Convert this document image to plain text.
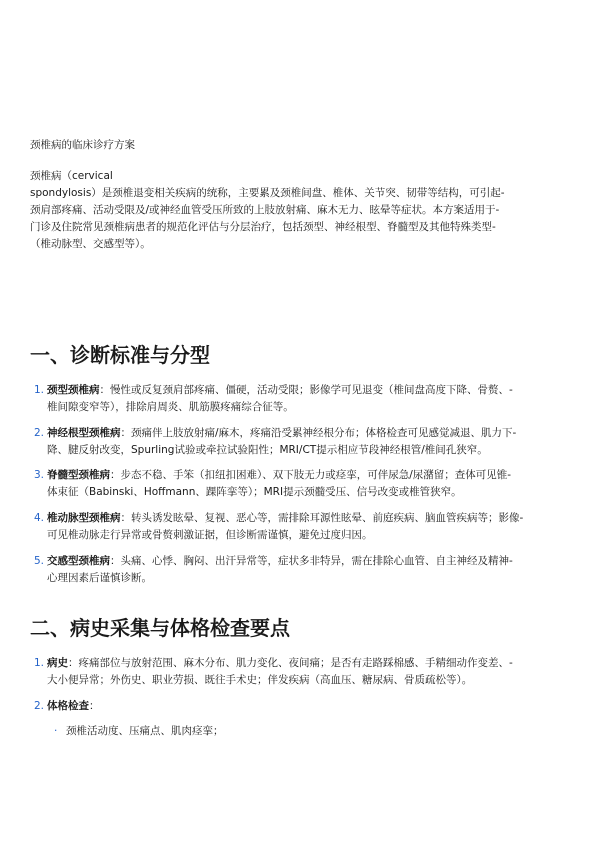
颈椎病的临床诊疗方案
颈椎病（cervical
spondylosis）是颈椎退变相关疾病的统称，主要累及颈椎间盘、椎体、关节突、韧带等结构，可引起-
颈肩部疼痛、活动受限及/或神经血管受压所致的上肢放射痛、麻木无力、眩晕等症状。本方案适用于-
门诊及住院常见颈椎病患者的规范化评估与分层治疗，包括颈型、神经根型、脊髓型及其他特殊类型-
（椎动脉型、交感型等）。
一、诊断标准与分型
1. 颈型颈椎病：慢性或反复颈肩部疼痛、僵硬，活动受限；影像学可见退变（椎间盘高度下降、骨赘、-
椎间隙变窄等），排除肩周炎、肌筋膜疼痛综合征等。
2. 神经根型颈椎病：颈痛伴上肢放射痛/麻木，疼痛沿受累神经根分布；体格检查可见感觉减退、肌力下-
降、腱反射改变，Spurling试验或牵拉试验阳性；MRI/CT提示相应节段神经根管/椎间孔狭窄。
3. 脊髓型颈椎病：步态不稳、手笨（扣纽扣困难）、双下肢无力或痉挛，可伴尿急/尿潴留；查体可见锥-
体束征（Babinski、Hoffmann、踝阵挛等）；MRI提示颈髓受压、信号改变或椎管狭窄。
4. 椎动脉型颈椎病：转头诱发眩晕、复视、恶心等，需排除耳源性眩晕、前庭疾病、脑血管疾病等；影像-
可见椎动脉走行异常或骨赘刺激证据，但诊断需谨慎，避免过度归因。
5. 交感型颈椎病：头痛、心悸、胸闷、出汗异常等，症状多非特异，需在排除心血管、自主神经及精神-
心理因素后谨慎诊断。
二、病史采集与体格检查要点
1. 病史：疼痛部位与放射范围、麻木分布、肌力变化、夜间痛；是否有走路踩棉感、手精细动作变差、-
大小便异常；外伤史、职业劳损、既往手术史；伴发疾病（高血压、糖尿病、骨质疏松等）。
2. 体格检查：
· 颈椎活动度、压痛点、肌肉痉挛；
